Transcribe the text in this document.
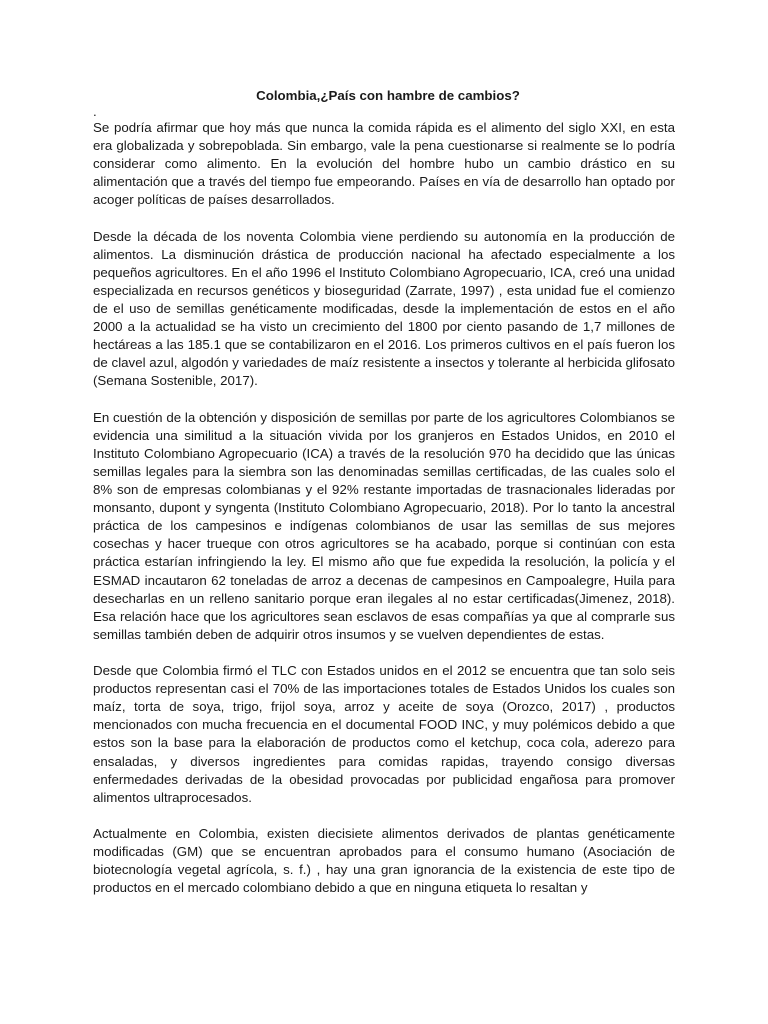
Colombia,¿País con hambre de cambios?

.

Se podría afirmar que hoy más que nunca la comida rápida es el alimento del siglo XXI, en esta era globalizada y sobrepoblada. Sin embargo, vale la pena cuestionarse si realmente se lo podría considerar como alimento. En la evolución del hombre hubo un cambio drástico en su alimentación que a través del tiempo fue empeorando. Países en vía de desarrollo han optado por acoger políticas de países desarrollados.

Desde la década de los noventa Colombia viene perdiendo su autonomía en la producción de alimentos. La disminución drástica de producción nacional ha afectado especialmente a los pequeños agricultores. En el año 1996 el Instituto Colombiano Agropecuario, ICA, creó una unidad especializada en recursos genéticos y bioseguridad (Zarrate, 1997) , esta unidad fue el comienzo de el uso de semillas genéticamente modificadas, desde la implementación de estos en el año 2000 a la actualidad se ha visto un crecimiento del 1800 por ciento pasando de 1,7 millones de hectáreas a las 185.1 que se contabilizaron en el 2016. Los primeros cultivos en el país fueron los de clavel azul, algodón y variedades de maíz resistente a insectos y tolerante al herbicida glifosato (Semana Sostenible, 2017).

En cuestión de la obtención y disposición de semillas por parte de los agricultores Colombianos se evidencia una similitud a la situación vivida por los granjeros en Estados Unidos, en 2010 el Instituto Colombiano Agropecuario (ICA) a través de la resolución 970 ha decidido que las únicas semillas legales para la siembra son las denominadas semillas certificadas, de las cuales solo el 8% son de empresas colombianas y el 92% restante importadas de trasnacionales lideradas por monsanto, dupont y syngenta (Instituto Colombiano Agropecuario, 2018). Por lo tanto la ancestral práctica de los campesinos e indígenas colombianos de usar las semillas de sus mejores cosechas y hacer trueque con otros agricultores se ha acabado, porque si continúan con esta práctica estarían infringiendo la ley. El mismo año que fue expedida la resolución, la policía y el ESMAD incautaron 62 toneladas de arroz a decenas de campesinos en Campoalegre, Huila para desecharlas en un relleno sanitario porque eran ilegales al no estar certificadas(Jimenez, 2018). Esa relación hace que los agricultores sean esclavos de esas compañías ya que al comprarle sus semillas también deben de adquirir otros insumos y se vuelven dependientes de estas.

Desde que Colombia firmó el TLC con Estados unidos en el 2012 se encuentra que tan solo seis productos representan casi el 70% de las importaciones totales de Estados Unidos los cuales son maíz, torta de soya, trigo, frijol soya, arroz y aceite de soya (Orozco, 2017) , productos mencionados con mucha frecuencia en el documental FOOD INC, y muy polémicos debido a que estos son la base para la elaboración de productos como el ketchup, coca cola, aderezo para ensaladas, y diversos ingredientes para comidas rapidas, trayendo consigo diversas enfermedades derivadas de la obesidad provocadas por publicidad engañosa para promover alimentos ultraprocesados.

Actualmente en Colombia, existen diecisiete alimentos derivados de plantas genéticamente modificadas (GM) que se encuentran aprobados para el consumo humano (Asociación de biotecnología vegetal agrícola, s. f.) , hay una gran ignorancia de la existencia de este tipo de productos en el mercado colombiano debido a que en ninguna etiqueta lo resaltan y
